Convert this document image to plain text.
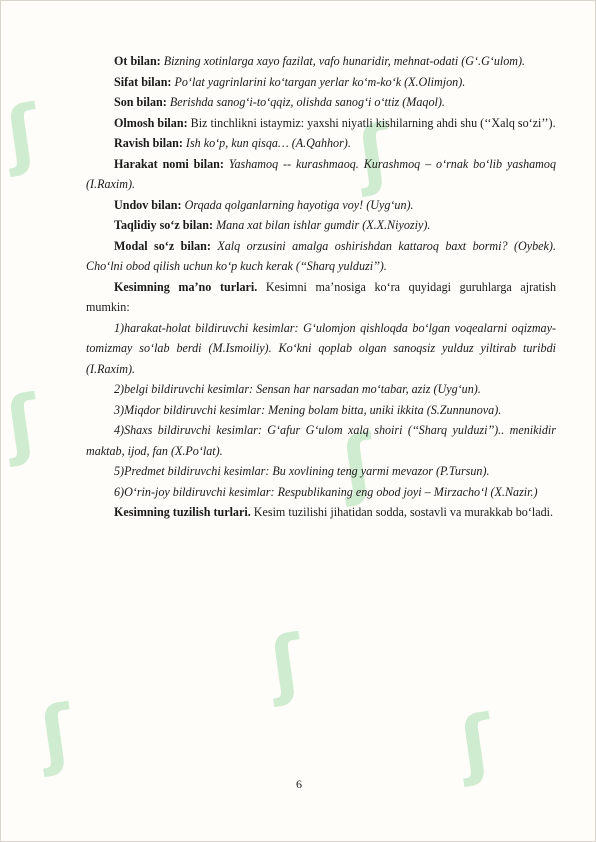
ʃ
ʃ
ʃ
ʃ
ʃ
ʃ
ʃ

Ot bilan: Bizning xotinlarga xayo fazilat, vafo hunaridir, mehnat-odati (G‘.G‘ulom).

Sifat bilan: Po‘lat yagrinlarini ko‘targan yerlar ko‘m-ko‘k (X.Olimjon).

Son bilan: Berishda sanog‘i-to‘qqiz, olishda sanog‘i o‘ttiz (Maqol).

Olmosh bilan: Biz tinchlikni istaymiz: yaxshi niyatli kishilarning ahdi shu (‘‘Xalq so‘zi’’).

Ravish bilan: Ish ko‘p, kun qisqa… (A.Qahhor).

Harakat nomi bilan: Yashamoq -- kurashmaoq. Kurashmoq – o‘rnak bo‘lib yashamoq (I.Raxim).

Undov bilan: Orqada qolganlarning hayotiga voy! (Uyg‘un).

Taqlidiy so‘z bilan: Mana xat bilan ishlar gumdir (X.X.Niyoziy).

Modal so‘z bilan: Xalq orzusini amalga oshirishdan kattaroq baxt bormi? (Oybek). Cho‘lni obod qilish uchun ko‘p kuch kerak (‘‘Sharq yulduzi’’).

Kesimning ma’no turlari. Kesimni ma’nosiga ko‘ra quyidagi guruhlarga ajratish mumkin:

1)harakat-holat bildiruvchi kesimlar: G‘ulomjon qishloqda bo‘lgan voqealarni oqizmay-tomizmay so‘lab berdi (M.Ismoiliy). Ko‘kni qoplab olgan sanoqsiz yulduz yiltirab turibdi (I.Raxim).

2)belgi bildiruvchi kesimlar: Sensan har narsadan mo‘tabar, aziz (Uyg‘un).

3)Miqdor bildiruvchi kesimlar: Mening bolam bitta, uniki ikkita (S.Zunnunova).

4)Shaxs bildiruvchi kesimlar: G‘afur G‘ulom xalq shoiri (‘‘Sharq yulduzi’’).. menikidir maktab, ijod, fan (X.Po‘lat).

5)Predmet bildiruvchi kesimlar: Bu xovlining teng yarmi mevazor (P.Tursun).

6)O‘rin-joy bildiruvchi kesimlar: Respublikaning eng obod joyi – Mirzacho‘l (X.Nazir.)

Kesimning tuzilish turlari. Kesim tuzilishi jihatidan sodda, sostavli va murakkab bo‘ladi.

6
